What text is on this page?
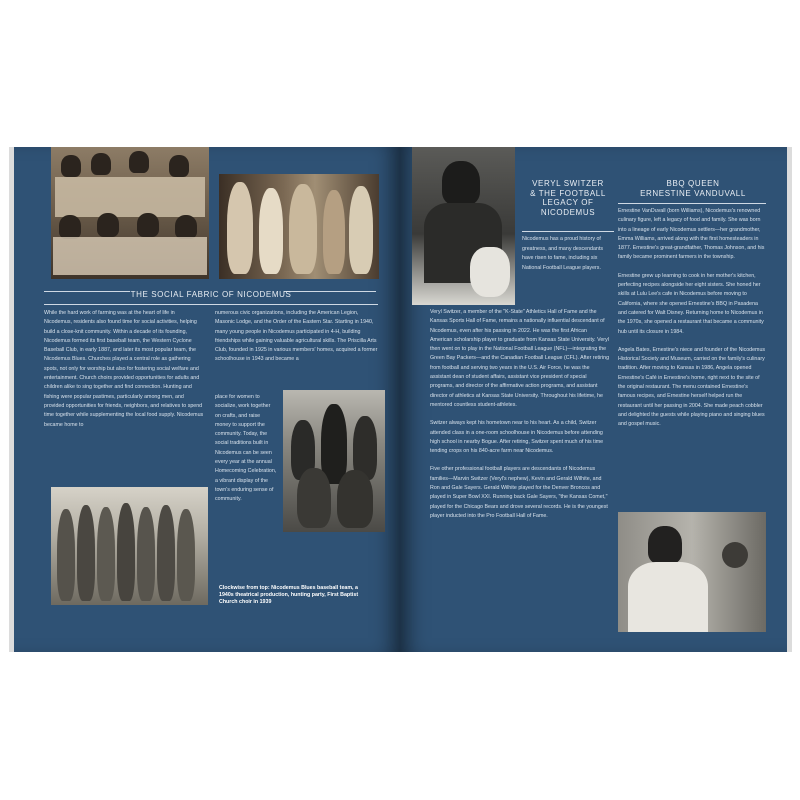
THE SOCIAL FABRIC OF NICODEMUS

While the hard work of farming was at the heart of life in Nicodemus, residents also found time for social activities, helping build a close-knit community. Within a decade of its founding, Nicodemus formed its first baseball team, the Western Cyclone Baseball Club, in early 1887, and later its most popular team, the Nicodemus Blues. Churches played a central role as gathering spots, not only for worship but also for fostering social welfare and entertainment. Church choirs provided opportunities for adults and children alike to sing together and find connection. Hunting and fishing were popular pastimes, particularly among men, and provided opportunities for friends, neighbors, and relatives to spend time together while supplementing the local food supply. Nicodemus became home to

numerous civic organizations, including the American Legion, Masonic Lodge, and the Order of the Eastern Star. Starting in 1940, many young people in Nicodemus participated in 4-H, building friendships while gaining valuable agricultural skills. The Priscilla Arts Club, founded in 1925 in various members' homes, acquired a former schoolhouse in 1943 and became a

place for women to socialize, work together on crafts, and raise money to support the community. Today, the social traditions built in Nicodemus can be seen every year at the annual Homecoming Celebration, a vibrant display of the town's enduring sense of community.

Clockwise from top: Nicodemus Blues baseball team, a 1940s theatrical production, hunting party, First Baptist Church choir in 1939
VERYL SWITZER
& THE FOOTBALL
LEGACY OF
NICODEMUS

Nicodemus has a proud history of greatness, and many descendants have risen to fame, including six National Football League players.

Veryl Switzer, a member of the "K-State" Athletics Hall of Fame and the Kansas Sports Hall of Fame, remains a nationally influential descendant of Nicodemus, even after his passing in 2022. He was the first African American scholarship player to graduate from Kansas State University. Veryl then went on to play in the National Football League (NFL)—integrating the Green Bay Packers—and the Canadian Football League (CFL). After retiring from football and serving two years in the U.S. Air Force, he was the assistant dean of student affairs, assistant vice president of special programs, and director of the affirmative action programs, and assistant director of athletics at Kansas State University. Throughout his lifetime, he mentored countless student-athletes.

Switzer always kept his hometown near to his heart. As a child, Switzer attended class in a one-room schoolhouse in Nicodemus before attending high school in nearby Bogue. After retiring, Switzer spent much of his time tending crops on his 840-acre farm near Nicodemus.

Five other professional football players are descendants of Nicodemus families—Marvin Switzer (Veryl's nephew), Kevin and Gerald Wilhite, and Ron and Gale Sayers. Gerald Wilhite played for the Denver Broncos and played in Super Bowl XXI. Running back Gale Sayers, "the Kansas Comet," played for the Chicago Bears and drove several records. He is the youngest player inducted into the Pro Football Hall of Fame.

BBQ QUEEN
ERNESTINE VANDUVALL

Ernestine VanDuvall (born Williams), Nicodemus's renowned culinary figure, left a legacy of food and family. She was born into a lineage of early Nicodemus settlers—her grandmother, Emma Williams, arrived along with the first homesteaders in 1877. Ernestine's great-grandfather, Thomas Johnson, and his family became prominent farmers in the township.

Ernestine grew up learning to cook in her mother's kitchen, perfecting recipes alongside her eight sisters. She honed her skills at Lulu Lee's cafe in Nicodemus before moving to California, where she opened Ernestine's BBQ in Pasadena and catered for Walt Disney. Returning home to Nicodemus in the 1970s, she opened a restaurant that became a community hub until its closure in 1984.

Angela Bates, Ernestine's niece and founder of the Nicodemus Historical Society and Museum, carried on the family's culinary tradition. After moving to Kansas in 1986, Angela opened Ernestine's Café in Ernestine's home, right next to the site of the original restaurant. The menu contained Ernestine's famous recipes, and Ernestine herself helped run the restaurant until her passing in 2004. She made peach cobbler and delighted the guests while playing piano and singing blues and gospel music.
